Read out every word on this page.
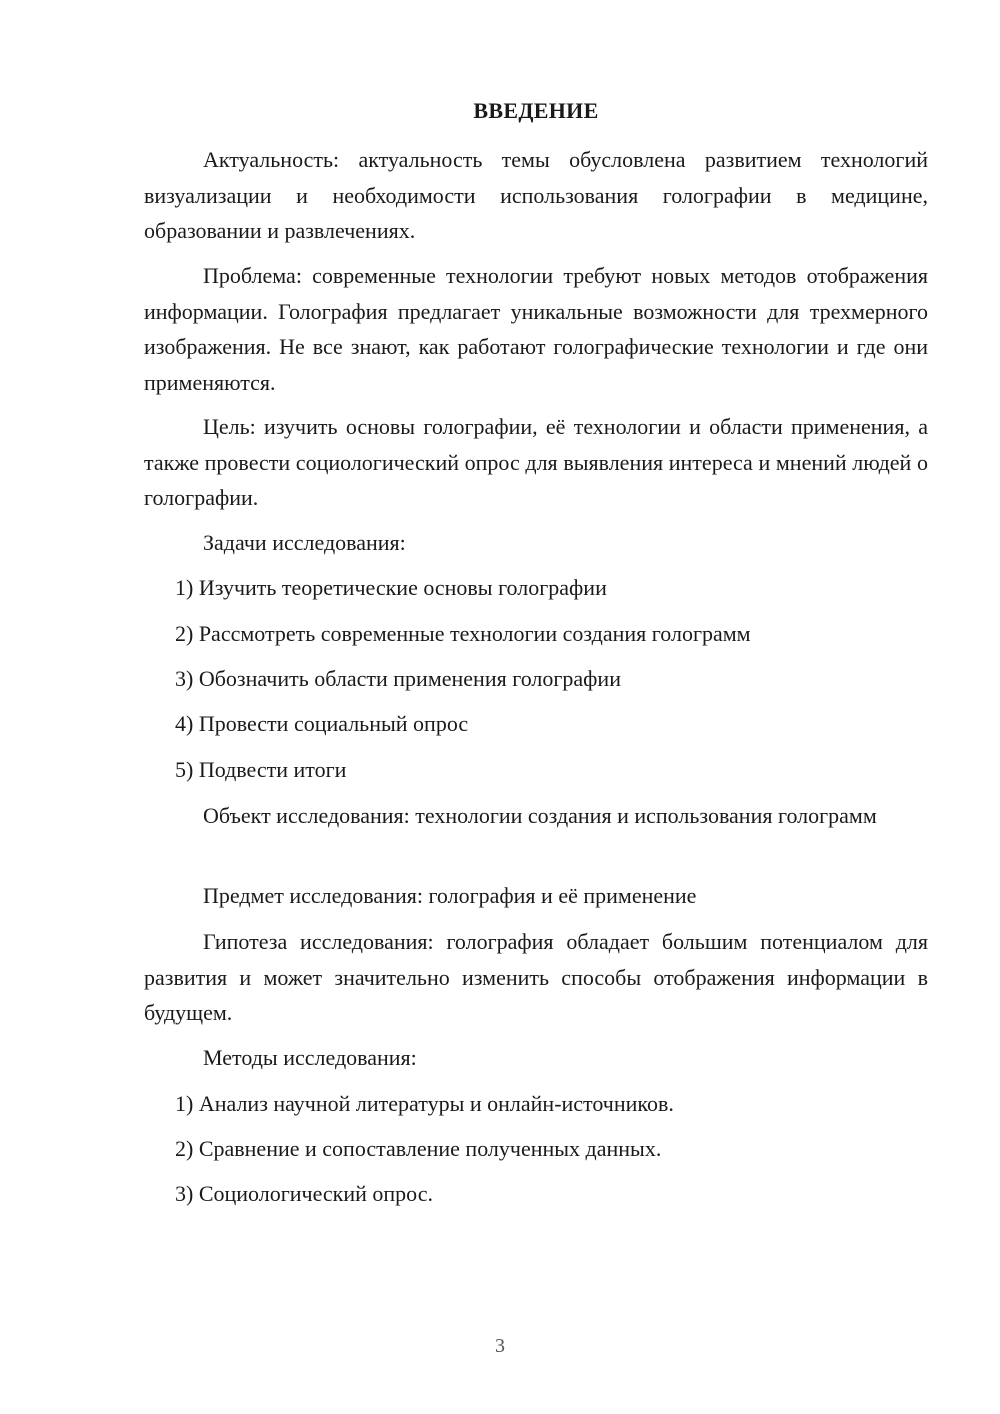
ВВЕДЕНИЕ

Актуальность: актуальность темы обусловлена развитием технологий визуализации и необходимости использования голографии в медицине, образовании и развлечениях.

Проблема: современные технологии требуют новых методов отображения информации. Голография предлагает уникальные возможности для трехмерного изображения. Не все знают, как работают голографические технологии и где они применяются.

Цель: изучить основы голографии, её технологии и области применения, а также провести социологический опрос для выявления интереса и мнений людей о голографии.

Задачи исследования:

1) Изучить теоретические основы голографии

2) Рассмотреть современные технологии создания голограмм

3) Обозначить области применения голографии

4) Провести социальный опрос

5) Подвести итоги

Объект исследования: технологии создания и использования голограмм

Предмет исследования: голография и её применение

Гипотеза исследования: голография обладает большим потенциалом для развития и может значительно изменить способы отображения информации в будущем.

Методы исследования:

1) Анализ научной литературы и онлайн-источников.

2) Сравнение и сопоставление полученных данных.

3) Социологический опрос.

3
